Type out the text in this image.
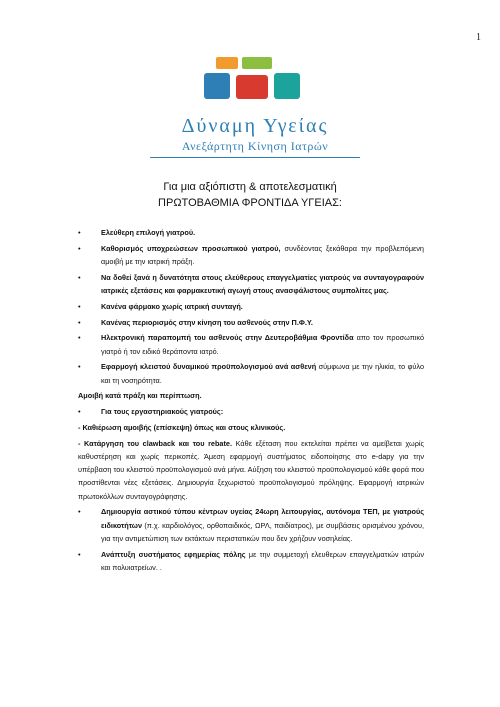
1
Δύναμη Υγείας
Ανεξάρτητη Κίνηση Ιατρών
Για μια αξιόπιστη & αποτελεσματική
ΠΡΩΤΟΒΑΘΜΙΑ ΦΡΟΝΤΙΔΑ ΥΓΕΙΑΣ:
•	Ελεύθερη επιλογή γιατρού.
•	Καθορισμός υποχρεώσεων προσωπικού γιατρού, συνδέοντας ξεκάθαρα την προβλεπόμενη αμοιβή με την ιατρική πράξη.
•	Να δοθεί ξανά η δυνατότητα στους ελεύθερους επαγγελματίες γιατρούς να συνταγογραφούν ιατρικές εξετάσεις και φαρμακευτική αγωγή στους ανασφάλιστους συμπολίτες μας.
•	Κανένα φάρμακο χωρίς ιατρική συνταγή.
•	Κανένας περιορισμός στην κίνηση του ασθενούς στην Π.Φ.Υ.
•	Ηλεκτρονική παραπομπή του ασθενούς στην Δευτεροβάθμια Φροντίδα απο τον προσωπικό γιατρό ή τον ειδικό θεράποντα ιατρό.
•	Εφαρμογή κλειστού δυναμικού προϋπολογισμού ανά ασθενή σύμφωνα με την ηλικία, το φύλο και τη νοσηρότητα.
Αμοιβή κατά πράξη και περίπτωση.
•	Για τους εργαστηριακούς γιατρούς:
- Καθιέρωση αμοιβής (επίσκεψη) όπως και στους κλινικούς.
- Κατάργηση του clawback και του rebate. Κάθε εξέταση που εκτελείται πρέπει να αμείβεται χωρίς καθυστέρηση και χωρίς περικοπές. Άμεση εφαρμογή συστήματος ειδοποίησης στο e-dapy για την υπέρβαση του κλειστού προϋπολογισμού ανά μήνα. Αύξηση του κλειστού προϋπολογισμού κάθε φορά που προστίθενται νέες εξετάσεις. Δημιουργία ξεχωριστού προϋπολογισμού πρόληψης. Εφαρμογή ιατρικών πρωτοκόλλων συνταγογράφησης.
•	Δημιουργία αστικού τύπου κέντρων υγείας 24ωρη λειτουργίας, αυτόνομα ΤΕΠ, με γιατρούς ειδικοτήτων (π.χ. καρδιολόγος, ορθοπαιδικός, ΩΡΛ, παιδίατρος), με συμβάσεις ορισμένου χρόνου, για την αντιμετώπιση των εκτάκτων περιστατικών που δεν χρήζουν νοσηλείας.
•	Ανάπτυξη συστήματος εφημερίας πόλης με την συμμετοχή ελευθερων επαγγελματιών ιατρών και πολυιατρείων. .
